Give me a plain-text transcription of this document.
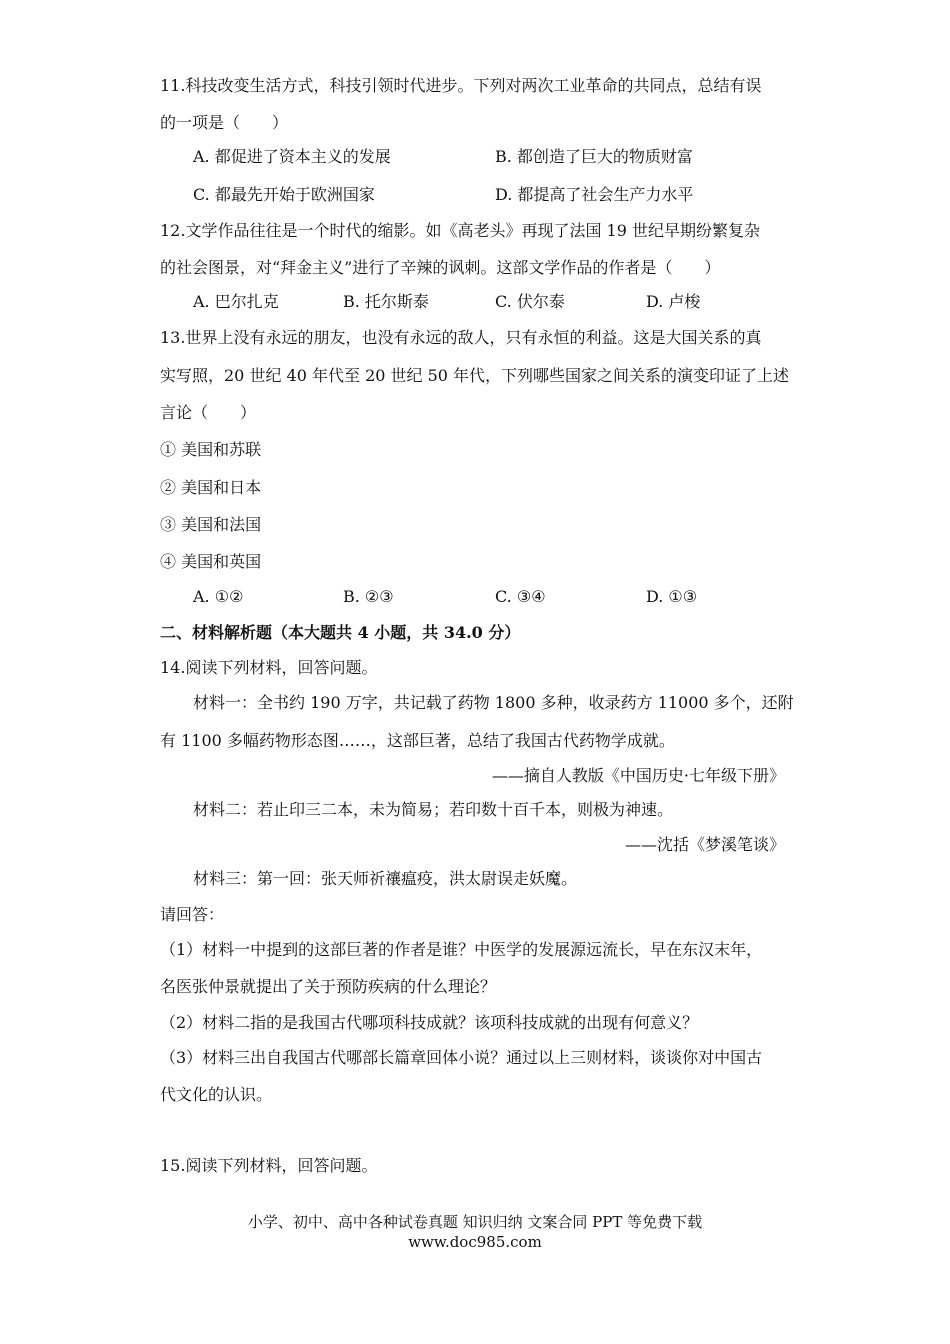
11.科技改变生活方式，科技引领时代进步。下列对两次工业革命的共同点，总结有误
的一项是（　　）
A. 都促进了资本主义的发展	B. 都创造了巨大的物质财富
C. 都最先开始于欧洲国家	D. 都提高了社会生产力水平
12.文学作品往往是一个时代的缩影。如《高老头》再现了法国 19 世纪早期纷繁复杂
的社会图景，对“拜金主义”进行了辛辣的讽刺。这部文学作品的作者是（　　）
A. 巴尔扎克	B. 托尔斯泰	C. 伏尔泰	D. 卢梭
13.世界上没有永远的朋友，也没有永远的敌人，只有永恒的利益。这是大国关系的真
实写照，20 世纪 40 年代至 20 世纪 50 年代，下列哪些国家之间关系的演变印证了上述
言论（　　）
① 美国和苏联
② 美国和日本
③ 美国和法国
④ 美国和英国
A. ①②	B. ②③	C. ③④	D. ①③
二、材料解析题（本大题共 4 小题，共 34.0 分）
14.阅读下列材料，回答问题。
材料一：全书约 190 万字，共记载了药物 1800 多种，收录药方 11000 多个，还附
有 1100 多幅药物形态图……，这部巨著，总结了我国古代药物学成就。
——摘自人教版《中国历史·七年级下册》
材料二：若止印三二本，未为简易；若印数十百千本，则极为神速。
——沈括《梦溪笔谈》
材料三：第一回：张天师祈禳瘟疫，洪太尉误走妖魔。
请回答：
（1）材料一中提到的这部巨著的作者是谁？中医学的发展源远流长，早在东汉末年，
名医张仲景就提出了关于预防疾病的什么理论？
（2）材料二指的是我国古代哪项科技成就？该项科技成就的出现有何意义？
（3）材料三出自我国古代哪部长篇章回体小说？通过以上三则材料，谈谈你对中国古
代文化的认识。
15.阅读下列材料，回答问题。
小学、初中、高中各种试卷真题 知识归纳 文案合同 PPT 等免费下载
www.doc985.com
